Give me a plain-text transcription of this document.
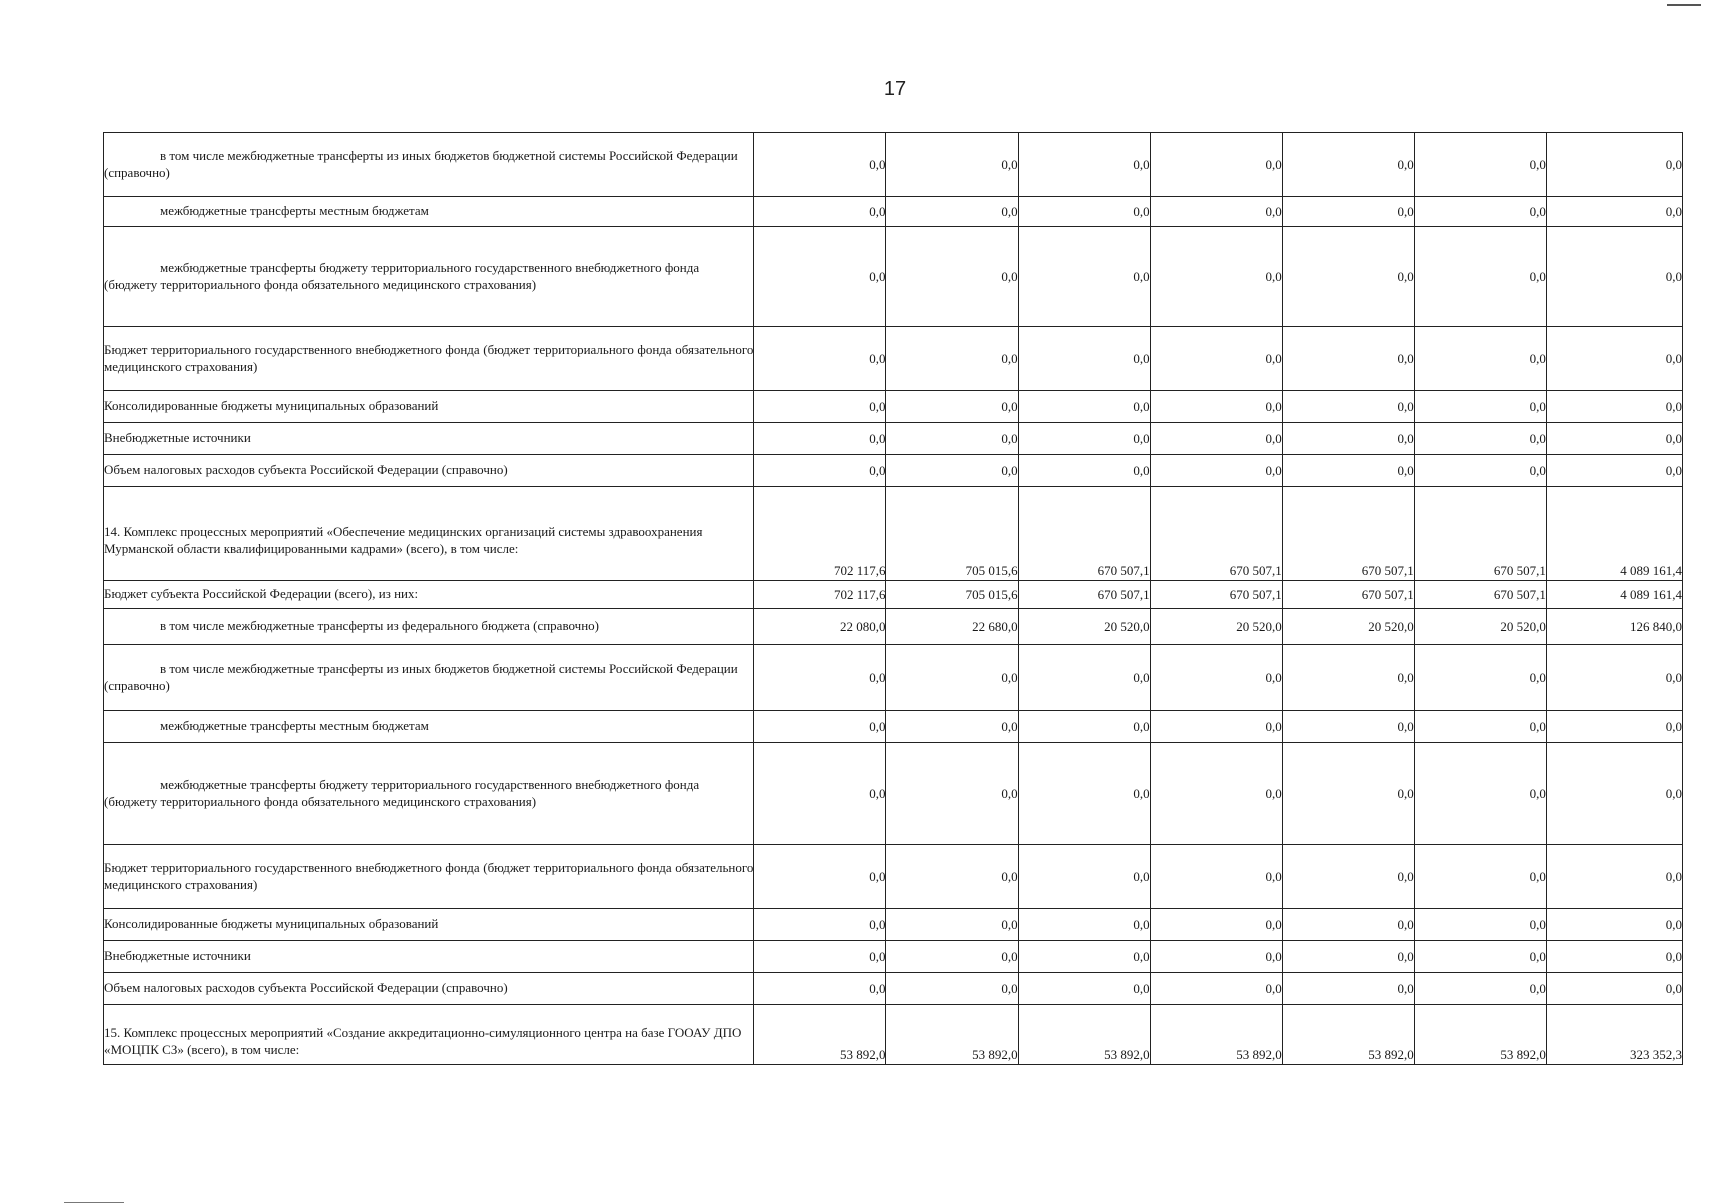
17
в том числе межбюджетные трансферты из иных бюджетов бюджетной системы Российской Федерации (справочно)	0,0	0,0	0,0	0,0	0,0	0,0	0,0
межбюджетные трансферты местным бюджетам	0,0	0,0	0,0	0,0	0,0	0,0	0,0
межбюджетные трансферты бюджету территориального государственного внебюджетного фонда (бюджету территориального фонда обязательного медицинского страхования)	0,0	0,0	0,0	0,0	0,0	0,0	0,0
Бюджет территориального государственного внебюджетного фонда (бюджет территориального фонда обязательного медицинского страхования)	0,0	0,0	0,0	0,0	0,0	0,0	0,0
Консолидированные бюджеты муниципальных образований	0,0	0,0	0,0	0,0	0,0	0,0	0,0
Внебюджетные источники	0,0	0,0	0,0	0,0	0,0	0,0	0,0
Объем налоговых расходов субъекта Российской Федерации (справочно)	0,0	0,0	0,0	0,0	0,0	0,0	0,0
14. Комплекс процессных мероприятий «Обеспечение медицинских организаций системы здравоохранения Мурманской области квалифицированными кадрами» (всего), в том числе:	702 117,6	705 015,6	670 507,1	670 507,1	670 507,1	670 507,1	4 089 161,4
Бюджет субъекта Российской Федерации (всего), из них:	702 117,6	705 015,6	670 507,1	670 507,1	670 507,1	670 507,1	4 089 161,4
в том числе межбюджетные трансферты из федерального бюджета (справочно)	22 080,0	22 680,0	20 520,0	20 520,0	20 520,0	20 520,0	126 840,0
в том числе межбюджетные трансферты из иных бюджетов бюджетной системы Российской Федерации (справочно)	0,0	0,0	0,0	0,0	0,0	0,0	0,0
межбюджетные трансферты местным бюджетам	0,0	0,0	0,0	0,0	0,0	0,0	0,0
межбюджетные трансферты бюджету территориального государственного внебюджетного фонда (бюджету территориального фонда обязательного медицинского страхования)	0,0	0,0	0,0	0,0	0,0	0,0	0,0
Бюджет территориального государственного внебюджетного фонда (бюджет территориального фонда обязательного медицинского страхования)	0,0	0,0	0,0	0,0	0,0	0,0	0,0
Консолидированные бюджеты муниципальных образований	0,0	0,0	0,0	0,0	0,0	0,0	0,0
Внебюджетные источники	0,0	0,0	0,0	0,0	0,0	0,0	0,0
Объем налоговых расходов субъекта Российской Федерации (справочно)	0,0	0,0	0,0	0,0	0,0	0,0	0,0
15. Комплекс процессных мероприятий «Создание аккредитационно-симуляционного центра на базе ГООАУ ДПО «МОЦПК СЗ» (всего), в том числе:	53 892,0	53 892,0	53 892,0	53 892,0	53 892,0	53 892,0	323 352,3
